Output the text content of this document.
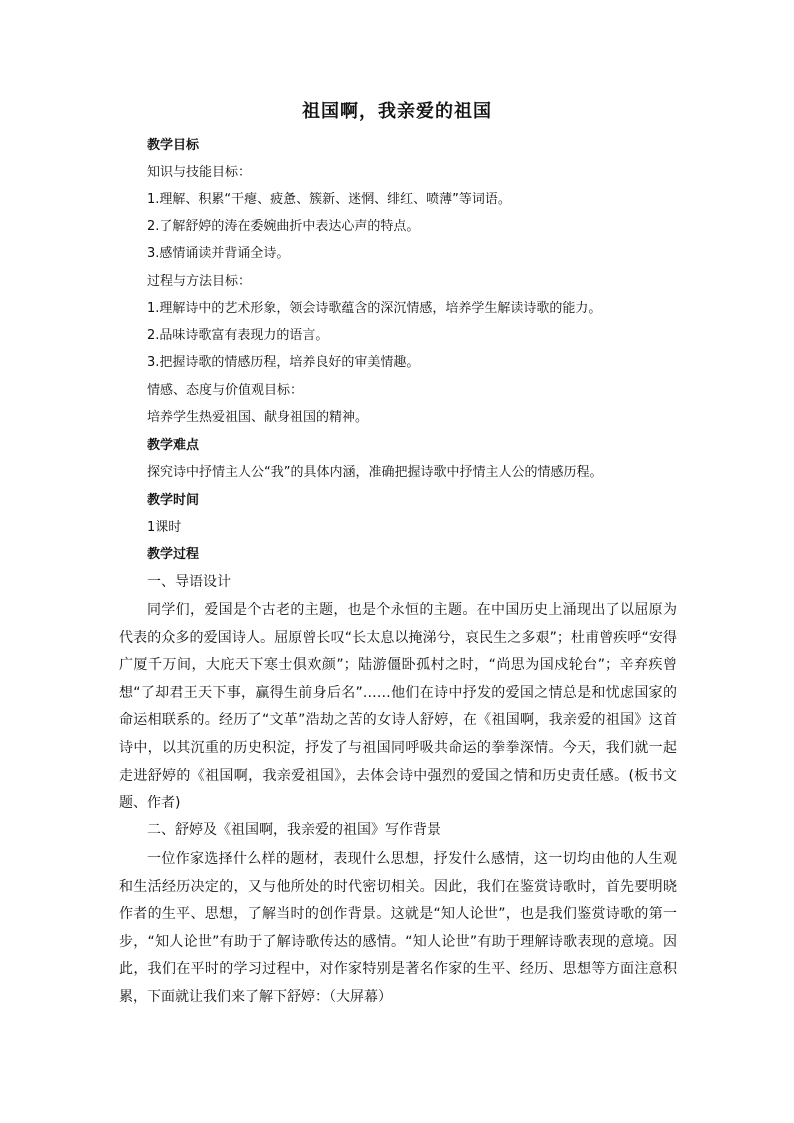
祖国啊，我亲爱的祖国
教学目标
知识与技能目标：
1.理解、积累“干瘪、疲惫、簇新、迷惘、绯红、喷薄”等词语。
2.了解舒婷的涛在委婉曲折中表达心声的特点。
3.感情诵读并背诵全诗。
过程与方法目标：
1.理解诗中的艺术形象，领会诗歌蕴含的深沉情感，培养学生解读诗歌的能力。
2.品味诗歌富有表现力的语言。
3.把握诗歌的情感历程，培养良好的审美情趣。
情感、态度与价值观目标：
培养学生热爱祖国、献身祖国的精神。
教学难点
探究诗中抒情主人公“我”的具体内涵，准确把握诗歌中抒情主人公的情感历程。
教学时间
1课时
教学过程
一、导语设计
同学们，爱国是个古老的主题，也是个永恒的主题。在中国历史上涌现出了以屈原为代表的众多的爱国诗人。屈原曾长叹“长太息以掩涕兮，哀民生之多艰”；杜甫曾疾呼“安得广厦千万间，大庇天下寒士俱欢颜”；陆游僵卧孤村之时，“尚思为国戍轮台”；辛弃疾曾想“了却君王天下事，赢得生前身后名”……他们在诗中抒发的爱国之情总是和忧虑国家的命运相联系的。经历了“文革”浩劫之苦的女诗人舒婷，在《祖国啊，我亲爱的祖国》这首诗中，以其沉重的历史积淀，抒发了与祖国同呼吸共命运的拳拳深情。今天，我们就一起走进舒婷的《祖国啊，我亲爱祖国》，去体会诗中强烈的爱国之情和历史责任感。(板书文题、作者)
二、舒婷及《祖国啊，我亲爱的祖国》写作背景
一位作家选择什么样的题材，表现什么思想，抒发什么感情，这一切均由他的人生观和生活经历决定的，又与他所处的时代密切相关。因此，我们在鉴赏诗歌时，首先要明晓作者的生平、思想，了解当时的创作背景。这就是“知人论世”，也是我们鉴赏诗歌的第一步，“知人论世”有助于了解诗歌传达的感情。“知人论世”有助于理解诗歌表现的意境。因此，我们在平时的学习过程中，对作家特别是著名作家的生平、经历、思想等方面注意积累，下面就让我们来了解下舒婷：（大屏幕）
